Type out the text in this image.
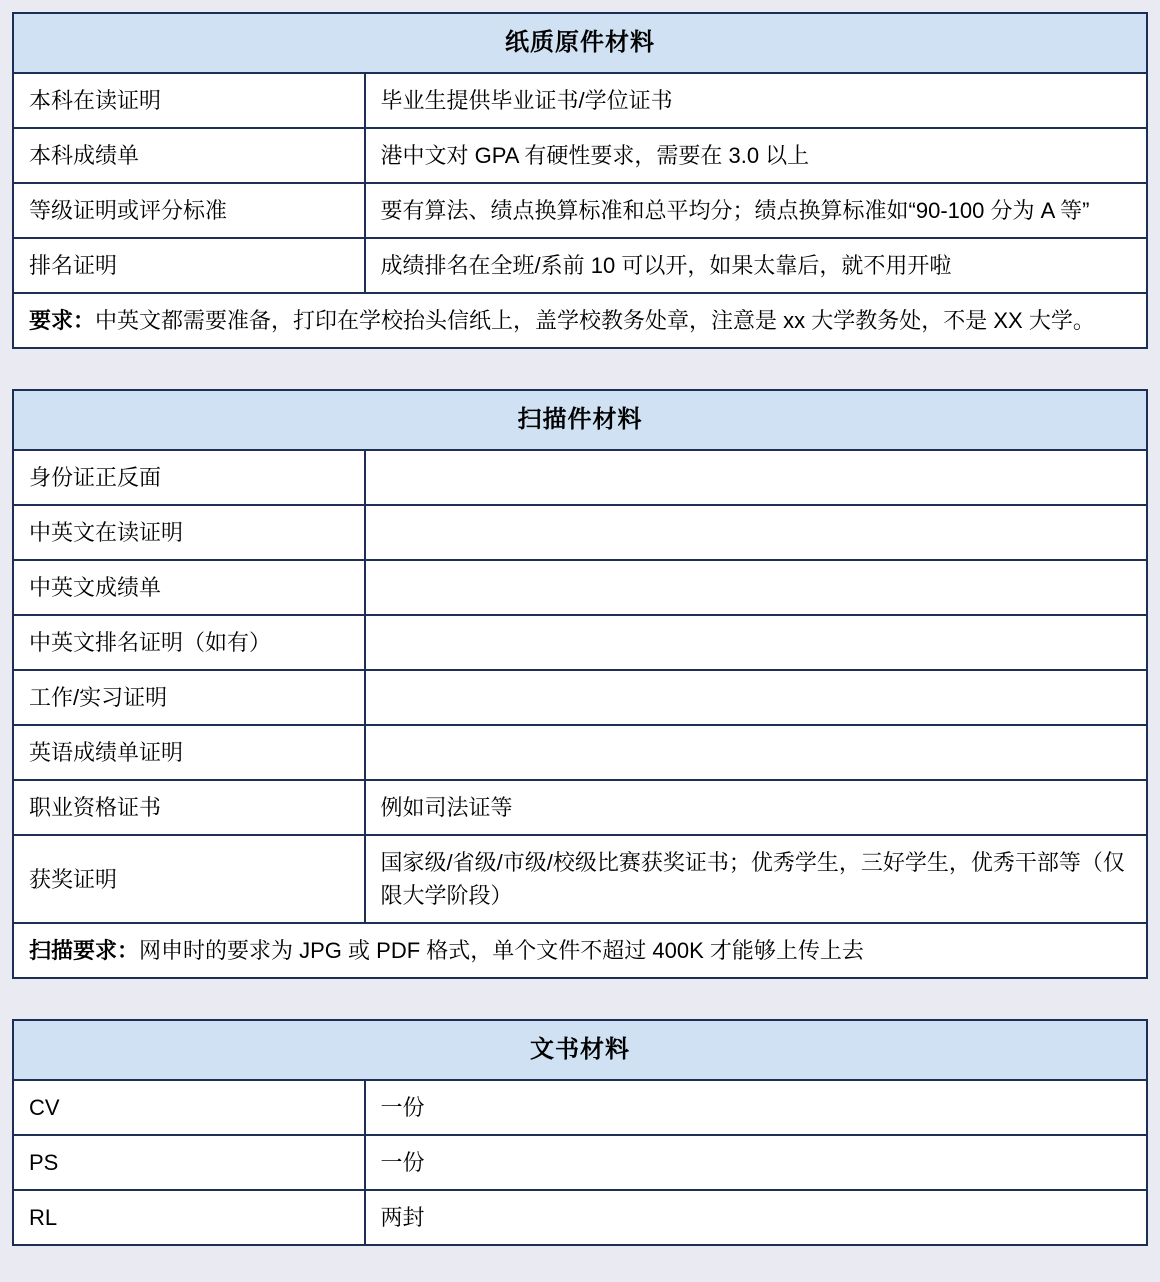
纸质原件材料	
本科在读证明	毕业生提供毕业证书/学位证书
本科成绩单	港中文对 GPA 有硬性要求，需要在 3.0 以上
等级证明或评分标准	要有算法、绩点换算标准和总平均分；绩点换算标准如“90-100 分为 A 等”
排名证明	成绩排名在全班/系前 10 可以开，如果太靠后，就不用开啦
要求：中英文都需要准备，打印在学校抬头信纸上，盖学校教务处章，注意是 xx 大学教务处，不是 XX 大学。	
扫描件材料	
身份证正反面	
中英文在读证明	
中英文成绩单	
中英文排名证明（如有）	
工作/实习证明	
英语成绩单证明	
职业资格证书	例如司法证等
获奖证明	国家级/省级/市级/校级比赛获奖证书；优秀学生，三好学生，优秀干部等（仅限大学阶段）
扫描要求：网申时的要求为 JPG 或 PDF 格式，单个文件不超过 400K 才能够上传上去	
文书材料	
CV	一份
PS	一份
RL	两封
